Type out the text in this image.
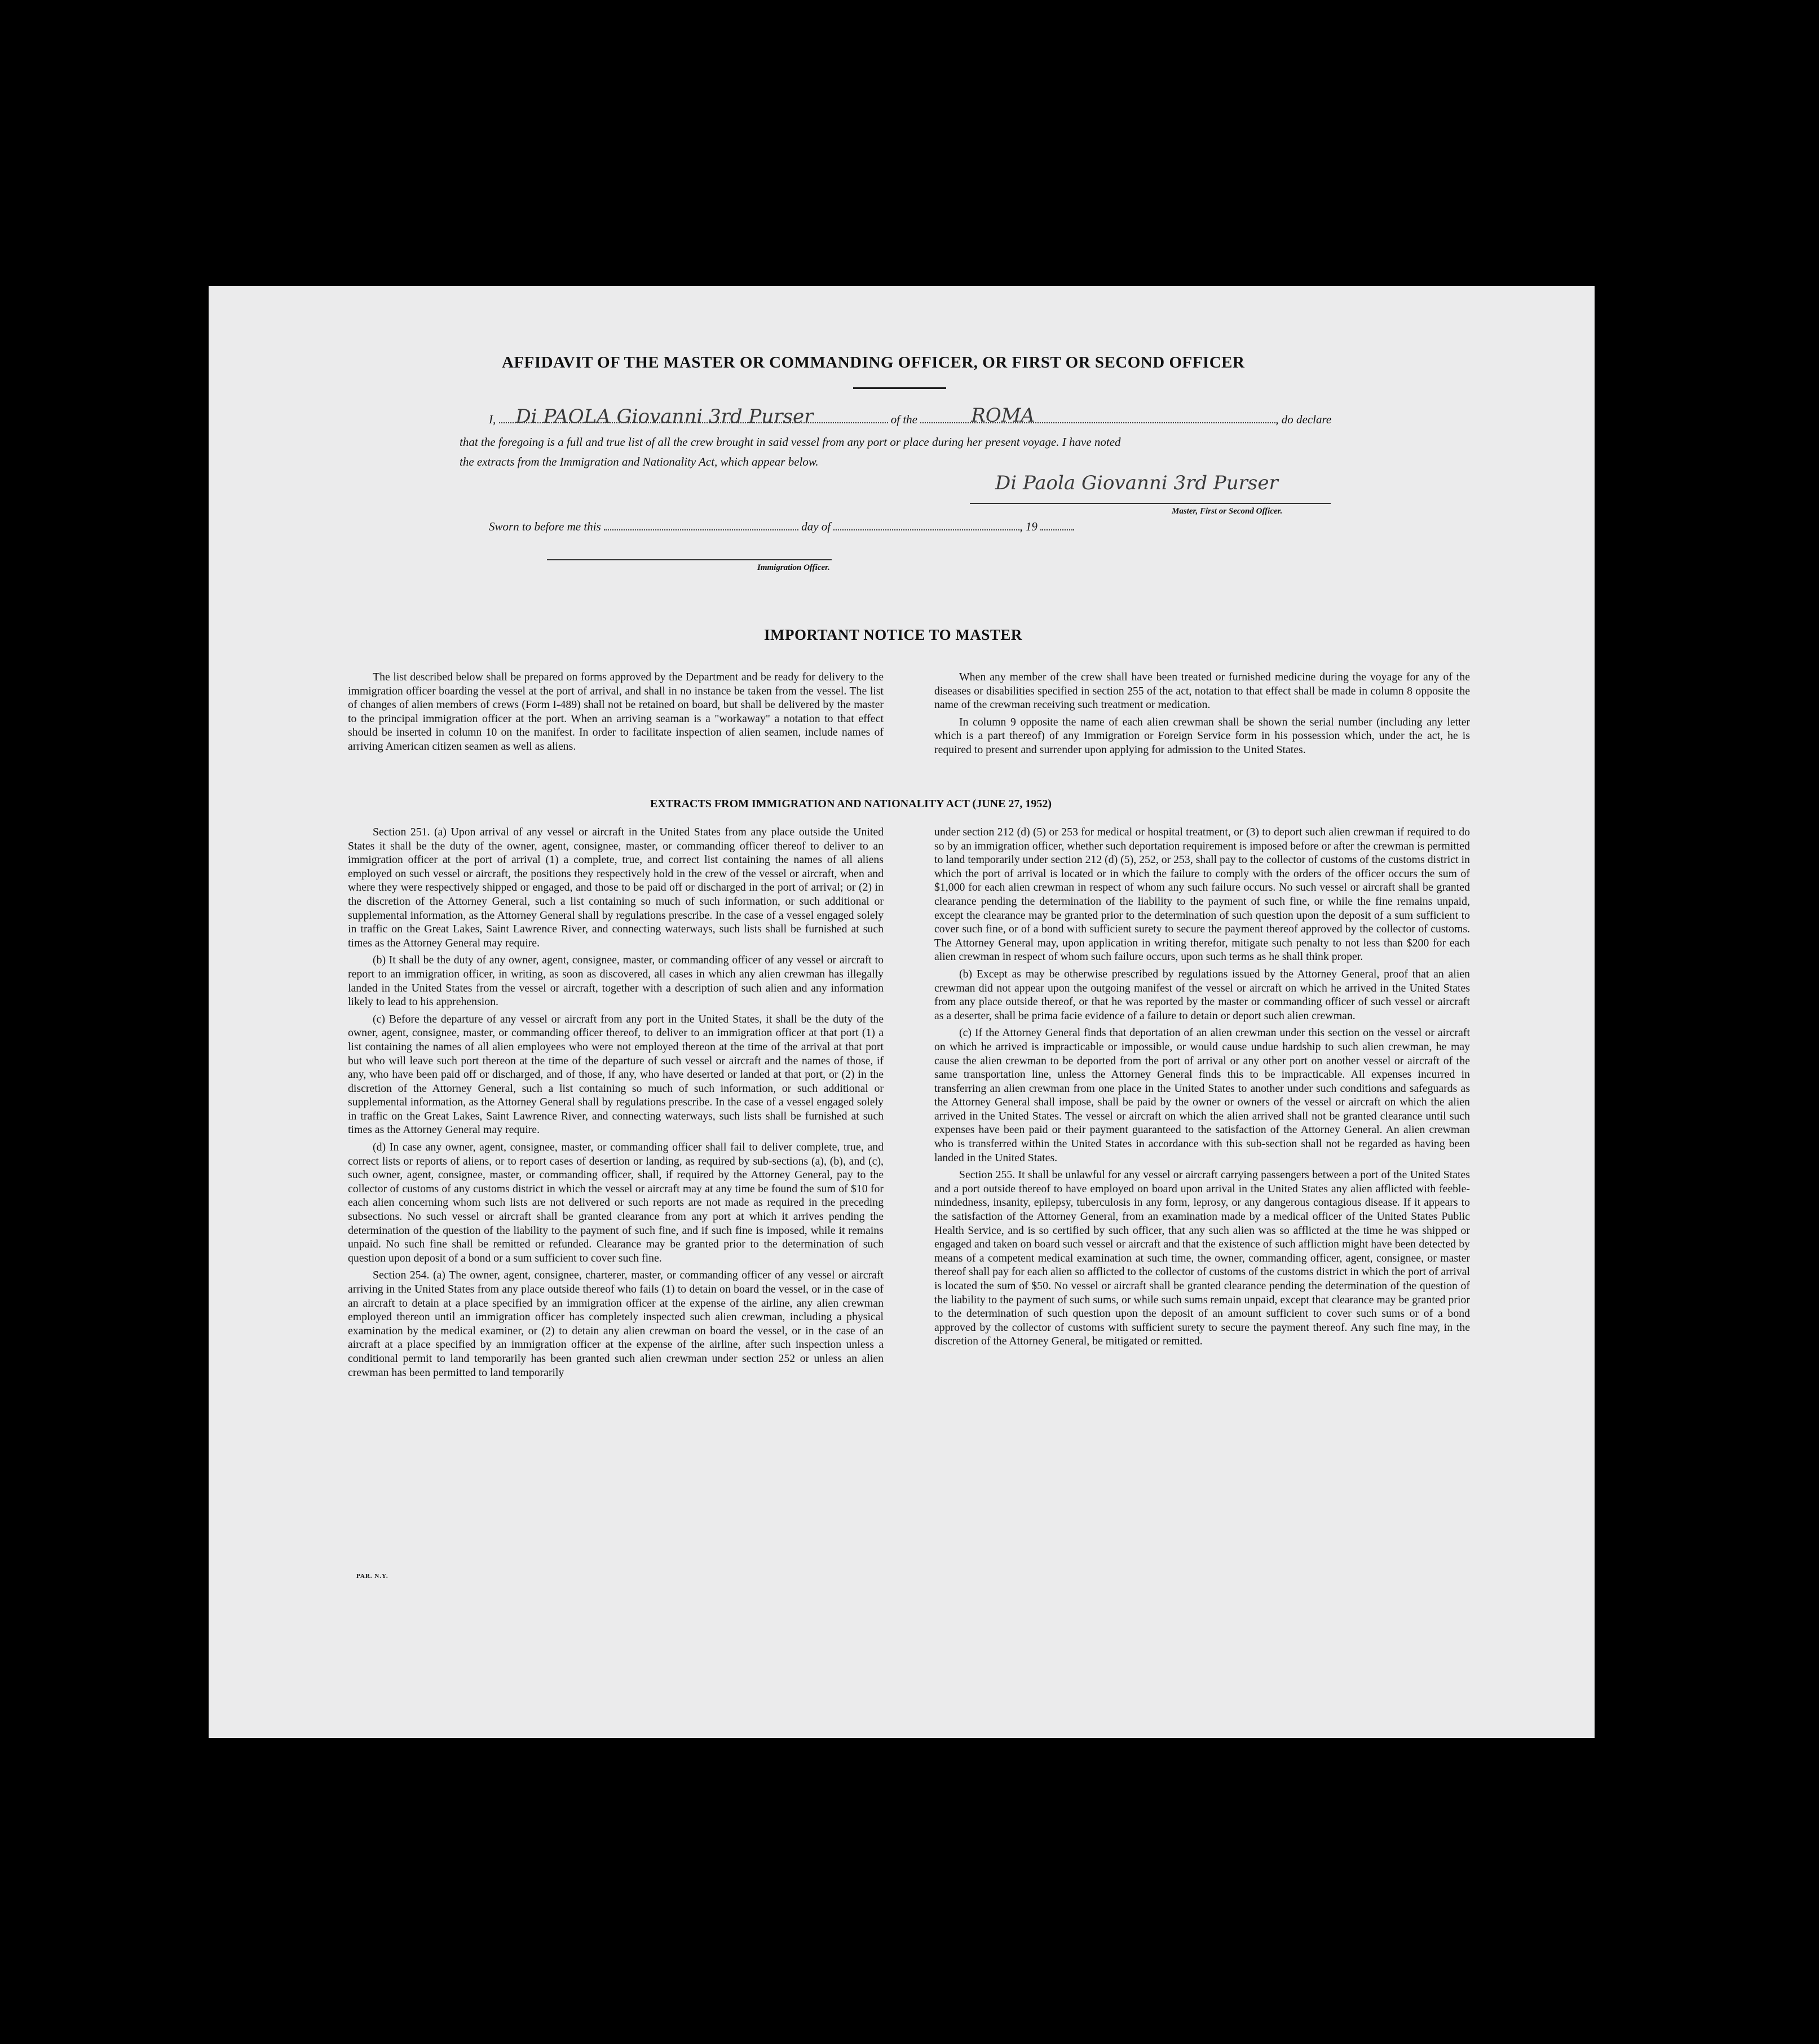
AFFIDAVIT OF THE MASTER OR COMMANDING OFFICER, OR FIRST OR SECOND OFFICER
I, Di PAOLA Giovanni 3rd Purser	of the	ROMA	, do declare
that the foregoing is a full and true list of all the crew brought in said vessel from any port or place during her present voyage. I have noted
the extracts from the Immigration and Nationality Act, which appear below.
Di Paola Giovanni 3rd Purser
Master, First or Second Officer.
Sworn to before me this	day of	, 19
Immigration Officer.
IMPORTANT NOTICE TO MASTER

The list described below shall be prepared on forms approved by the Department and be ready for delivery to the immigration officer boarding the vessel at the port of arrival, and shall in no instance be taken from the vessel. The list of changes of alien members of crews (Form I-489) shall not be retained on board, but shall be delivered by the master to the principal immigration officer at the port. When an arriving seaman is a "workaway" a notation to that effect should be inserted in column 10 on the manifest. In order to facilitate inspection of alien seamen, include names of arriving American citizen seamen as well as aliens.

When any member of the crew shall have been treated or furnished medicine during the voyage for any of the diseases or disabilities specified in section 255 of the act, notation to that effect shall be made in column 8 opposite the name of the crewman receiving such treatment or medication.

In column 9 opposite the name of each alien crewman shall be shown the serial number (including any letter which is a part thereof) of any Immigration or Foreign Service form in his possession which, under the act, he is required to present and surrender upon applying for admission to the United States.

EXTRACTS FROM IMMIGRATION AND NATIONALITY ACT (JUNE 27, 1952)

Section 251. (a) Upon arrival of any vessel or aircraft in the United States from any place outside the United States it shall be the duty of the owner, agent, consignee, master, or commanding officer thereof to deliver to an immigration officer at the port of arrival (1) a complete, true, and correct list containing the names of all aliens employed on such vessel or aircraft, the positions they respectively hold in the crew of the vessel or aircraft, when and where they were respectively shipped or engaged, and those to be paid off or discharged in the port of arrival; or (2) in the discretion of the Attorney General, such a list containing so much of such information, or such additional or supplemental information, as the Attorney General shall by regulations prescribe. In the case of a vessel engaged solely in traffic on the Great Lakes, Saint Lawrence River, and connecting waterways, such lists shall be furnished at such times as the Attorney General may require.

(b) It shall be the duty of any owner, agent, consignee, master, or commanding officer of any vessel or aircraft to report to an immigration officer, in writing, as soon as discovered, all cases in which any alien crewman has illegally landed in the United States from the vessel or aircraft, together with a description of such alien and any information likely to lead to his apprehension.

(c) Before the departure of any vessel or aircraft from any port in the United States, it shall be the duty of the owner, agent, consignee, master, or commanding officer thereof, to deliver to an immigration officer at that port (1) a list containing the names of all alien employees who were not employed thereon at the time of the arrival at that port but who will leave such port thereon at the time of the departure of such vessel or aircraft and the names of those, if any, who have been paid off or discharged, and of those, if any, who have deserted or landed at that port, or (2) in the discretion of the Attorney General, such a list containing so much of such information, or such additional or supplemental information, as the Attorney General shall by regulations prescribe. In the case of a vessel engaged solely in traffic on the Great Lakes, Saint Lawrence River, and connecting waterways, such lists shall be furnished at such times as the Attorney General may require.

(d) In case any owner, agent, consignee, master, or commanding officer shall fail to deliver complete, true, and correct lists or reports of aliens, or to report cases of desertion or landing, as required by sub-sections (a), (b), and (c), such owner, agent, consignee, master, or commanding officer, shall, if required by the Attorney General, pay to the collector of customs of any customs district in which the vessel or aircraft may at any time be found the sum of $10 for each alien concerning whom such lists are not delivered or such reports are not made as required in the preceding subsections. No such vessel or aircraft shall be granted clearance from any port at which it arrives pending the determination of the question of the liability to the payment of such fine, and if such fine is imposed, while it remains unpaid. No such fine shall be remitted or refunded. Clearance may be granted prior to the determination of such question upon deposit of a bond or a sum sufficient to cover such fine.

Section 254. (a) The owner, agent, consignee, charterer, master, or commanding officer of any vessel or aircraft arriving in the United States from any place outside thereof who fails (1) to detain on board the vessel, or in the case of an aircraft to detain at a place specified by an immigration officer at the expense of the airline, any alien crewman employed thereon until an immigration officer has completely inspected such alien crewman, including a physical examination by the medical examiner, or (2) to detain any alien crewman on board the vessel, or in the case of an aircraft at a place specified by an immigration officer at the expense of the airline, after such inspection unless a conditional permit to land temporarily has been granted such alien crewman under section 252 or unless an alien crewman has been permitted to land temporarily

under section 212 (d) (5) or 253 for medical or hospital treatment, or (3) to deport such alien crewman if required to do so by an immigration officer, whether such deportation requirement is imposed before or after the crewman is permitted to land temporarily under section 212 (d) (5), 252, or 253, shall pay to the collector of customs of the customs district in which the port of arrival is located or in which the failure to comply with the orders of the officer occurs the sum of $1,000 for each alien crewman in respect of whom any such failure occurs. No such vessel or aircraft shall be granted clearance pending the determination of the liability to the payment of such fine, or while the fine remains unpaid, except the clearance may be granted prior to the determination of such question upon the deposit of a sum sufficient to cover such fine, or of a bond with sufficient surety to secure the payment thereof approved by the collector of customs. The Attorney General may, upon application in writing therefor, mitigate such penalty to not less than $200 for each alien crewman in respect of whom such failure occurs, upon such terms as he shall think proper.

(b) Except as may be otherwise prescribed by regulations issued by the Attorney General, proof that an alien crewman did not appear upon the outgoing manifest of the vessel or aircraft on which he arrived in the United States from any place outside thereof, or that he was reported by the master or commanding officer of such vessel or aircraft as a deserter, shall be prima facie evidence of a failure to detain or deport such alien crewman.

(c) If the Attorney General finds that deportation of an alien crewman under this section on the vessel or aircraft on which he arrived is impracticable or impossible, or would cause undue hardship to such alien crewman, he may cause the alien crewman to be deported from the port of arrival or any other port on another vessel or aircraft of the same transportation line, unless the Attorney General finds this to be impracticable. All expenses incurred in transferring an alien crewman from one place in the United States to another under such conditions and safeguards as the Attorney General shall impose, shall be paid by the owner or owners of the vessel or aircraft on which the alien arrived in the United States. The vessel or aircraft on which the alien arrived shall not be granted clearance until such expenses have been paid or their payment guaranteed to the satisfaction of the Attorney General. An alien crewman who is transferred within the United States in accordance with this sub-section shall not be regarded as having been landed in the United States.

Section 255. It shall be unlawful for any vessel or aircraft carrying passengers between a port of the United States and a port outside thereof to have employed on board upon arrival in the United States any alien afflicted with feeble-mindedness, insanity, epilepsy, tuberculosis in any form, leprosy, or any dangerous contagious disease. If it appears to the satisfaction of the Attorney General, from an examination made by a medical officer of the United States Public Health Service, and is so certified by such officer, that any such alien was so afflicted at the time he was shipped or engaged and taken on board such vessel or aircraft and that the existence of such affliction might have been detected by means of a competent medical examination at such time, the owner, commanding officer, agent, consignee, or master thereof shall pay for each alien so afflicted to the collector of customs of the customs district in which the port of arrival is located the sum of $50. No vessel or aircraft shall be granted clearance pending the determination of the question of the liability to the payment of such sums, or while such sums remain unpaid, except that clearance may be granted prior to the determination of such question upon the deposit of an amount sufficient to cover such sums or of a bond approved by the collector of customs with sufficient surety to secure the payment thereof. Any such fine may, in the discretion of the Attorney General, be mitigated or remitted.

PAR. N.Y.
